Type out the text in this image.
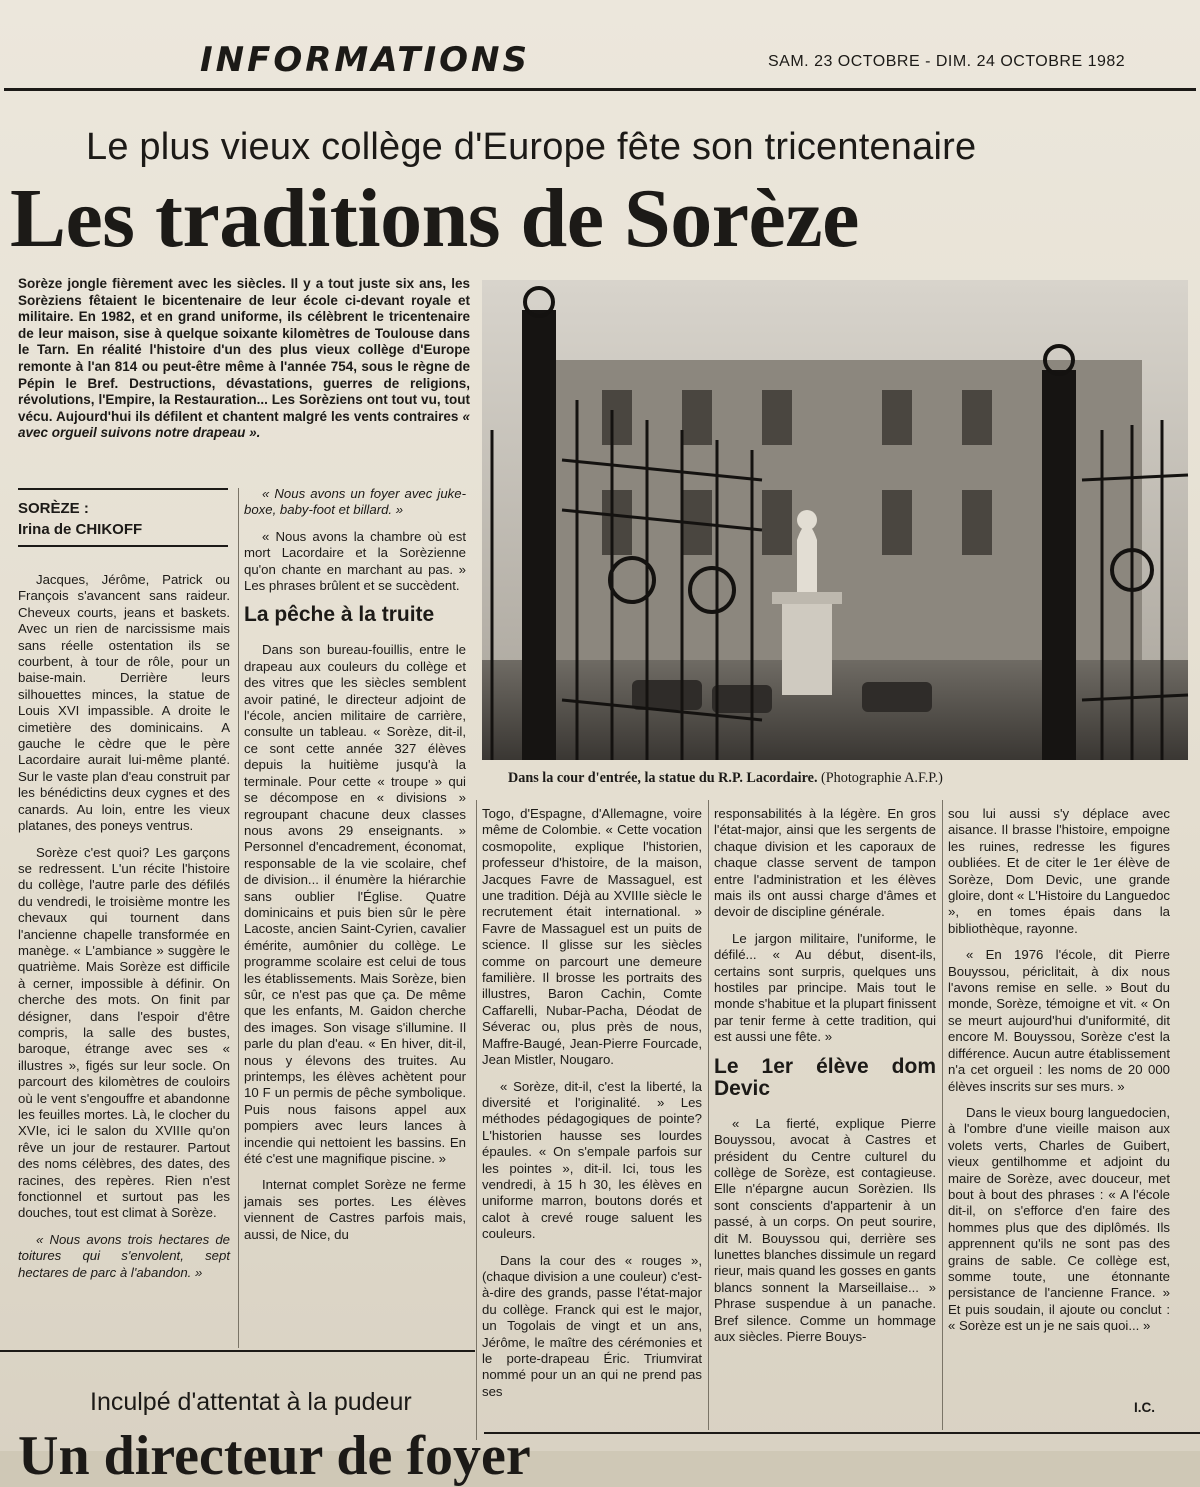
INFORMATIONS	SAM. 23 OCTOBRE - DIM. 24 OCTOBRE 1982
Le plus vieux collège d'Europe fête son tricentenaire
Les traditions de Sorèze
Sorèze jongle fièrement avec les siècles. Il y a tout juste six ans, les Sorèziens fêtaient le bicentenaire de leur école ci-devant royale et militaire. En 1982, et en grand uniforme, ils célèbrent le tricentenaire de leur maison, sise à quelque soixante kilomètres de Toulouse dans le Tarn. En réalité l'histoire d'un des plus vieux collège d'Europe remonte à l'an 814 ou peut-être même à l'année 754, sous le règne de Pépin le Bref. Destructions, dévastations, guerres de religions, révolutions, l'Empire, la Restauration... Les Sorèziens ont tout vu, tout vécu. Aujourd'hui ils défilent et chantent malgré les vents contraires « avec orgueil suivons notre drapeau ».
SORÈZE :
Irina de CHIKOFF

Jacques, Jérôme, Patrick ou François s'avancent sans raideur. Cheveux courts, jeans et baskets. Avec un rien de narcissisme mais sans réelle ostentation ils se courbent, à tour de rôle, pour un baise-main. Derrière leurs silhouettes minces, la statue de Louis XVI impassible. A droite le cimetière des dominicains. A gauche le cèdre que le père Lacordaire aurait lui-même planté. Sur le vaste plan d'eau construit par les bénédictins deux cygnes et des canards. Au loin, entre les vieux platanes, des poneys ventrus.

Sorèze c'est quoi? Les garçons se redressent. L'un récite l'histoire du collège, l'autre parle des défilés du vendredi, le troisième montre les chevaux qui tournent dans l'ancienne chapelle transformée en manège. « L'ambiance » suggère le quatrième. Mais Sorèze est difficile à cerner, impossible à définir. On cherche des mots. On finit par désigner, dans l'espoir d'être compris, la salle des bustes, baroque, étrange avec ses « illustres », figés sur leur socle. On parcourt des kilomètres de couloirs où le vent s'engouffre et abandonne les feuilles mortes. Là, le clocher du XVIe, ici le salon du XVIIIe qu'on rêve un jour de restaurer. Partout des noms célèbres, des dates, des racines, des repères. Rien n'est fonctionnel et surtout pas les douches, tout est climat à Sorèze.

« Nous avons trois hectares de toitures qui s'envolent, sept hectares de parc à l'abandon. »

« Nous avons un foyer avec juke-boxe, baby-foot et billard. »

« Nous avons la chambre où est mort Lacordaire et la Sorèzienne qu'on chante en marchant au pas. » Les phrases brûlent et se succèdent.

La pêche à la truite

Dans son bureau-fouillis, entre le drapeau aux couleurs du collège et des vitres que les siècles semblent avoir patiné, le directeur adjoint de l'école, ancien militaire de carrière, consulte un tableau. « Sorèze, dit-il, ce sont cette année 327 élèves depuis la huitième jusqu'à la terminale. Pour cette « troupe » qui se décompose en « divisions » regroupant chacune deux classes nous avons 29 enseignants. » Personnel d'encadrement, économat, responsable de la vie scolaire, chef de division... il énumère la hiérarchie sans oublier l'Église. Quatre dominicains et puis bien sûr le père Lacoste, ancien Saint-Cyrien, cavalier émérite, aumônier du collège. Le programme scolaire est celui de tous les établissements. Mais Sorèze, bien sûr, ce n'est pas que ça. De même que les enfants, M. Gaidon cherche des images. Son visage s'illumine. Il parle du plan d'eau. « En hiver, dit-il, nous y élevons des truites. Au printemps, les élèves achètent pour 10 F un permis de pêche symbolique. Puis nous faisons appel aux pompiers avec leurs lances à incendie qui nettoient les bassins. En été c'est une magnifique piscine. »

Internat complet Sorèze ne ferme jamais ses portes. Les élèves viennent de Castres parfois mais, aussi, de Nice, du

Dans la cour d'entrée, la statue du R.P. Lacordaire. (Photographie A.F.P.)

Togo, d'Espagne, d'Allemagne, voire même de Colombie. « Cette vocation cosmopolite, explique l'historien, professeur d'histoire, de la maison, Jacques Favre de Massaguel, est une tradition. Déjà au XVIIIe siècle le recrutement était international. » Favre de Massaguel est un puits de science. Il glisse sur les siècles comme on parcourt une demeure familière. Il brosse les portraits des illustres, Baron Cachin, Comte Caffarelli, Nubar-Pacha, Déodat de Séverac ou, plus près de nous, Maffre-Baugé, Jean-Pierre Fourcade, Jean Mistler, Nougaro.

« Sorèze, dit-il, c'est la liberté, la diversité et l'originalité. » Les méthodes pédagogiques de pointe? L'historien hausse ses lourdes épaules. « On s'empale parfois sur les pointes », dit-il. Ici, tous les vendredi, à 15 h 30, les élèves en uniforme marron, boutons dorés et calot à crevé rouge saluent les couleurs.

Dans la cour des « rouges », (chaque division a une couleur) c'est-à-dire des grands, passe l'état-major du collège. Franck qui est le major, un Togolais de vingt et un ans, Jérôme, le maître des cérémonies et le porte-drapeau Éric. Triumvirat nommé pour un an qui ne prend pas ses

responsabilités à la légère. En gros l'état-major, ainsi que les sergents de chaque division et les caporaux de chaque classe servent de tampon entre l'administration et les élèves mais ils ont aussi charge d'âmes et devoir de discipline générale.

Le jargon militaire, l'uniforme, le défilé... « Au début, disent-ils, certains sont surpris, quelques uns hostiles par principe. Mais tout le monde s'habitue et la plupart finissent par tenir ferme à cette tradition, qui est aussi une fête. »

Le 1er élève dom Devic

« La fierté, explique Pierre Bouyssou, avocat à Castres et président du Centre culturel du collège de Sorèze, est contagieuse. Elle n'épargne aucun Sorèzien. Ils sont conscients d'appartenir à un passé, à un corps. On peut sourire, dit M. Bouyssou qui, derrière ses lunettes blanches dissimule un regard rieur, mais quand les gosses en gants blancs sonnent la Marseillaise... » Phrase suspendue à un panache. Bref silence. Comme un hommage aux siècles. Pierre Bouys-

sou lui aussi s'y déplace avec aisance. Il brasse l'histoire, empoigne les ruines, redresse les figures oubliées. Et de citer le 1er élève de Sorèze, Dom Devic, une grande gloire, dont « L'Histoire du Languedoc », en tomes épais dans la bibliothèque, rayonne.

« En 1976 l'école, dit Pierre Bouyssou, périclitait, à dix nous l'avons remise en selle. » Bout du monde, Sorèze, témoigne et vit. « On se meurt aujourd'hui d'uniformité, dit encore M. Bouyssou, Sorèze c'est la différence. Aucun autre établissement n'a cet orgueil : les noms de 20 000 élèves inscrits sur ses murs. »

Dans le vieux bourg languedocien, à l'ombre d'une vieille maison aux volets verts, Charles de Guibert, vieux gentilhomme et adjoint du maire de Sorèze, avec douceur, met bout à bout des phrases : « A l'école dit-il, on s'efforce d'en faire des hommes plus que des diplômés. Ils apprennent qu'ils ne sont pas des grains de sable. Ce collège est, somme toute, une étonnante persistance de l'ancienne France. » Et puis soudain, il ajoute ou conclut : « Sorèze est un je ne sais quoi... »

I.C.
Inculpé d'attentat à la pudeur
Un directeur de foyer
